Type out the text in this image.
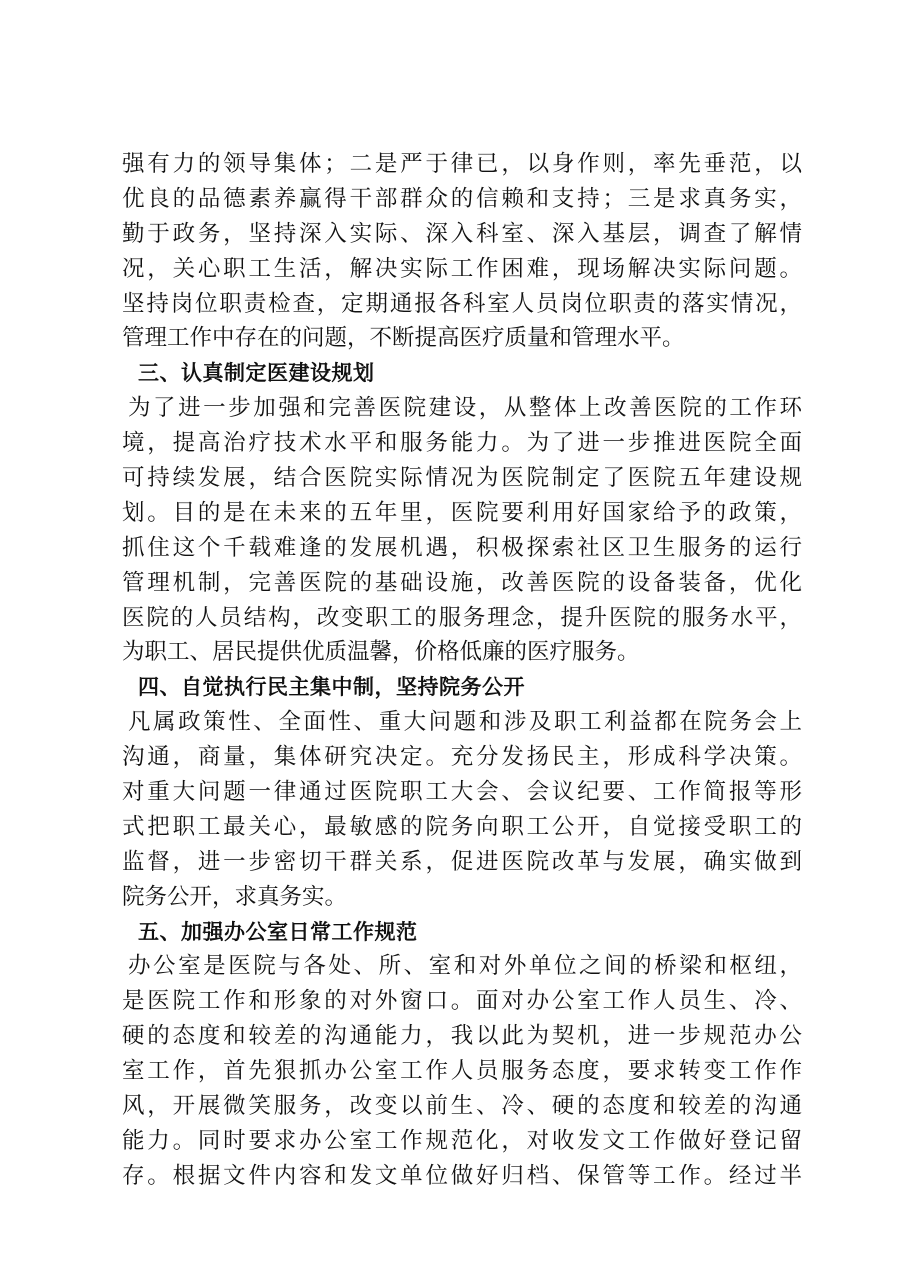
强有力的领导集体；二是严于律已，以身作则，率先垂范，以
优良的品德素养赢得干部群众的信赖和支持；三是求真务实，
勤于政务，坚持深入实际、深入科室、深入基层，调查了解情
况，关心职工生活，解决实际工作困难，现场解决实际问题。
坚持岗位职责检查，定期通报各科室人员岗位职责的落实情况，
管理工作中存在的问题，不断提高医疗质量和管理水平。
三、认真制定医建设规划
为了进一步加强和完善医院建设，从整体上改善医院的工作环
境，提高治疗技术水平和服务能力。为了进一步推进医院全面
可持续发展，结合医院实际情况为医院制定了医院五年建设规
划。目的是在未来的五年里，医院要利用好国家给予的政策，
抓住这个千载难逢的发展机遇，积极探索社区卫生服务的运行
管理机制，完善医院的基础设施，改善医院的设备装备，优化
医院的人员结构，改变职工的服务理念，提升医院的服务水平，
为职工、居民提供优质温馨，价格低廉的医疗服务。
四、自觉执行民主集中制，坚持院务公开
凡属政策性、全面性、重大问题和涉及职工利益都在院务会上
沟通，商量，集体研究决定。充分发扬民主，形成科学决策。
对重大问题一律通过医院职工大会、会议纪要、工作简报等形
式把职工最关心，最敏感的院务向职工公开，自觉接受职工的
监督，进一步密切干群关系，促进医院改革与发展，确实做到
院务公开，求真务实。
五、加强办公室日常工作规范
办公室是医院与各处、所、室和对外单位之间的桥梁和枢纽，
是医院工作和形象的对外窗口。面对办公室工作人员生、冷、
硬的态度和较差的沟通能力，我以此为契机，进一步规范办公
室工作，首先狠抓办公室工作人员服务态度，要求转变工作作
风，开展微笑服务，改变以前生、冷、硬的态度和较差的沟通
能力。同时要求办公室工作规范化，对收发文工作做好登记留
存。根据文件内容和发文单位做好归档、保管等工作。经过半
